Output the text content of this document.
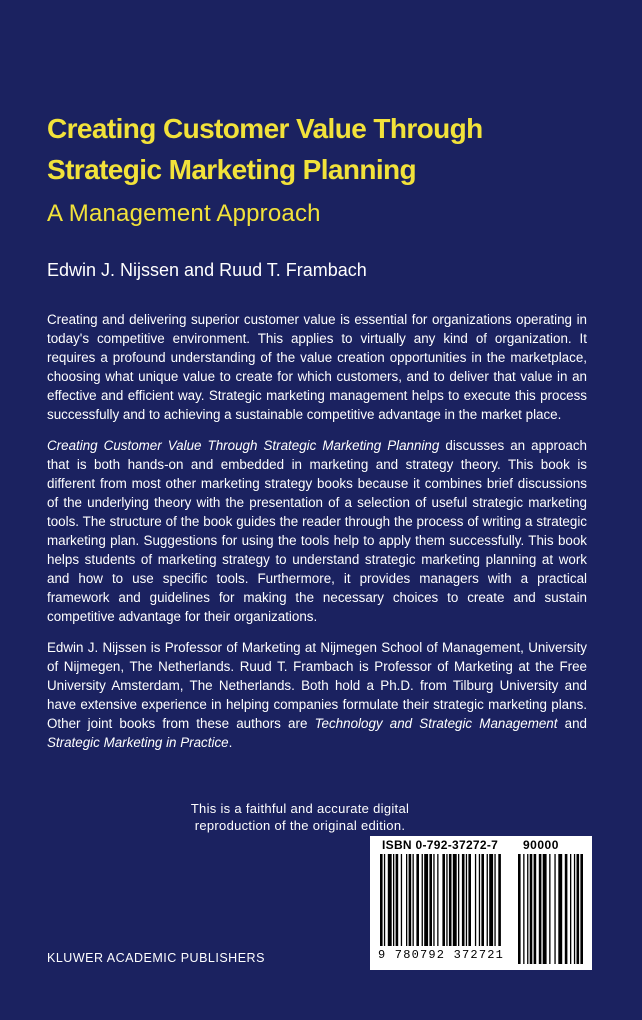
Creating Customer Value Through
Strategic Marketing Planning
A Management Approach
Edwin J. Nijssen and Ruud T. Frambach

Creating and delivering superior customer value is essential for organizations operating in today's competitive environment. This applies to virtually any kind of organization. It requires a profound understanding of the value creation opportunities in the marketplace, choosing what unique value to create for which customers, and to deliver that value in an effective and efficient way. Strategic marketing management helps to execute this process successfully and to achieving a sustainable competitive advantage in the market place.

Creating Customer Value Through Strategic Marketing Planning discusses an approach that is both hands-on and embedded in marketing and strategy theory. This book is different from most other marketing strategy books because it combines brief discussions of the underlying theory with the presentation of a selection of useful strategic marketing tools. The structure of the book guides the reader through the process of writing a strategic marketing plan. Suggestions for using the tools help to apply them successfully. This book helps students of marketing strategy to understand strategic marketing planning at work and how to use specific tools. Furthermore, it provides managers with a practical framework and guidelines for making the necessary choices to create and sustain competitive advantage for their organizations.

Edwin J. Nijssen is Professor of Marketing at Nijmegen School of Management, University of Nijmegen, The Netherlands. Ruud T. Frambach is Professor of Marketing at the Free University Amsterdam, The Netherlands. Both hold a Ph.D. from Tilburg University and have extensive experience in helping companies formulate their strategic marketing plans. Other joint books from these authors are Technology and Strategic Management and Strategic Marketing in Practice.

This is a faithful and accurate digital
reproduction of the original edition.
ISBN 0-792-37272-7 90000
9 780792 372721
KLUWER ACADEMIC PUBLISHERS
